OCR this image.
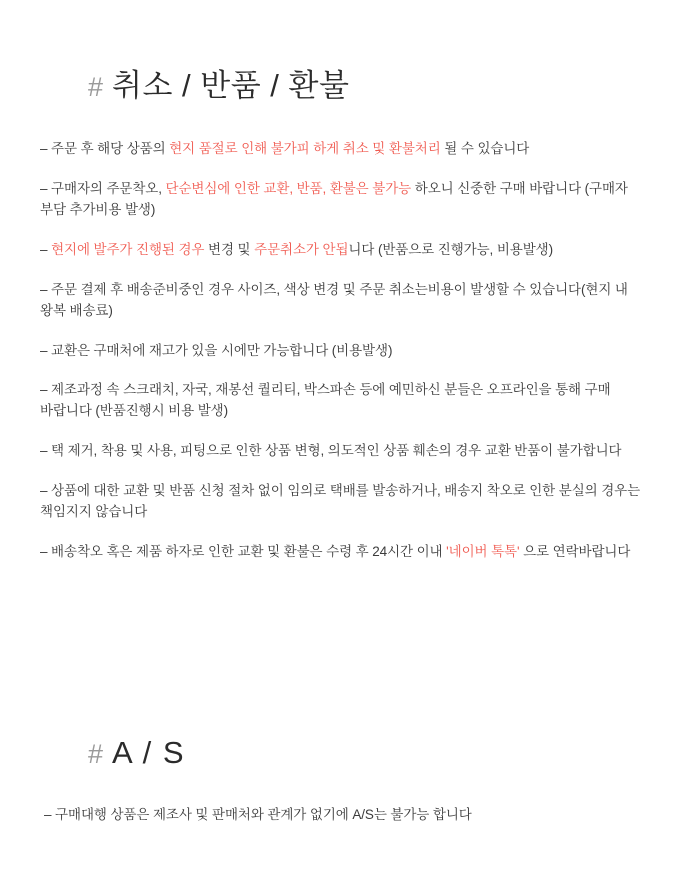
# 취소 / 반품 / 환불

– 주문 후 해당 상품의 현지 품절로 인해 불가피 하게 취소 및 환불처리 될 수 있습니다

– 구매자의 주문착오, 단순변심에 인한 교환, 반품, 환불은 불가능 하오니 신중한 구매 바랍니다 (구매자 부담 추가비용 발생)

– 현지에 발주가 진행된 경우 변경 및 주문취소가 안됩니다 (반품으로 진행가능, 비용발생)

– 주문 결제 후 배송준비중인 경우 사이즈, 색상 변경 및 주문 취소는비용이 발생할 수 있습니다(현지 내 왕복 배송료)

– 교환은 구매처에 재고가 있을 시에만 가능합니다 (비용발생)

– 제조과정 속 스크래치, 자국, 재봉선 퀄리티, 박스파손 등에 예민하신 분들은 오프라인을 통해 구매 바랍니다 (반품진행시 비용 발생)

– 택 제거, 착용 및 사용, 피팅으로 인한 상품 변형, 의도적인 상품 훼손의 경우 교환 반품이 불가합니다

– 상품에 대한 교환 및 반품 신청 절차 없이 임의로 택배를 발송하거나, 배송지 착오로 인한 분실의 경우는 책임지지 않습니다

– 배송착오 혹은 제품 하자로 인한 교환 및 환불은 수령 후 24시간 이내 '네이버 톡톡' 으로 연락바랍니다

# A / S

– 구매대행 상품은 제조사 및 판매처와 관계가 없기에 A/S는 불가능 합니다
